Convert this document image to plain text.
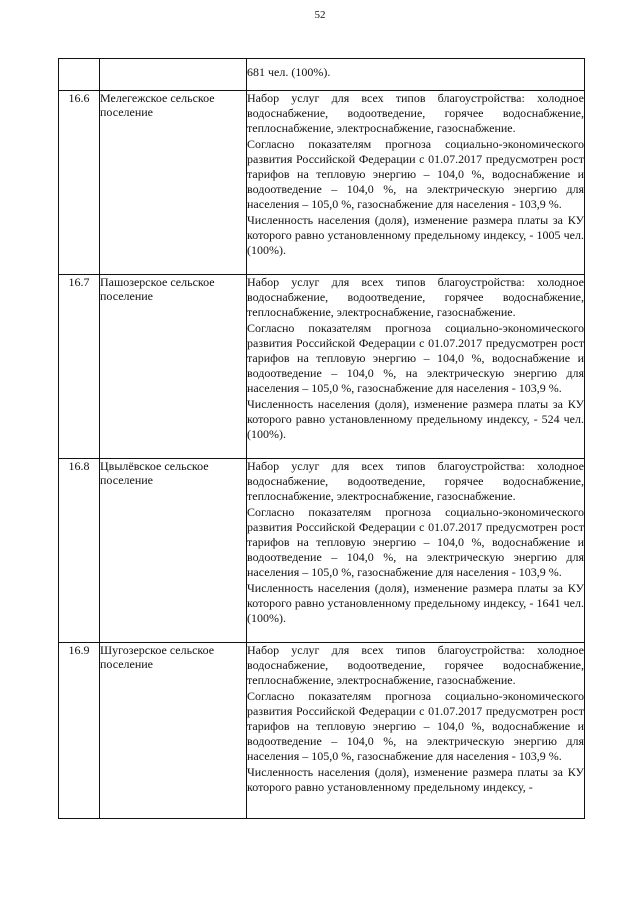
52

		681 чел. (100%).

16.6	Мелегежское сельское поселение	Набор услуг для всех типов благоустройства: холодное водоснабжение, водоотведение, горячее водоснабжение, теплоснабжение, электроснабжение, газоснабжение.

Согласно показателям прогноза социально-экономического развития Российской Федерации с 01.07.2017 предусмотрен рост тарифов на тепловую энергию – 104,0 %, водоснабжение и водоотведение – 104,0 %, на электрическую энергию для населения – 105,0 %, газоснабжение для населения - 103,9 %.

Численность населения (доля), изменение размера платы за КУ которого равно установленному предельному индексу, - 1005 чел. (100%).

16.7	Пашозерское сельское поселение	Набор услуг для всех типов благоустройства: холодное водоснабжение, водоотведение, горячее водоснабжение, теплоснабжение, электроснабжение, газоснабжение.

Согласно показателям прогноза социально-экономического развития Российской Федерации с 01.07.2017 предусмотрен рост тарифов на тепловую энергию – 104,0 %, водоснабжение и водоотведение – 104,0 %, на электрическую энергию для населения – 105,0 %, газоснабжение для населения - 103,9 %.

Численность населения (доля), изменение размера платы за КУ которого равно установленному предельному индексу, - 524 чел. (100%).

16.8	Цвылёвское сельское поселение	Набор услуг для всех типов благоустройства: холодное водоснабжение, водоотведение, горячее водоснабжение, теплоснабжение, электроснабжение, газоснабжение.

Согласно показателям прогноза социально-экономического развития Российской Федерации с 01.07.2017 предусмотрен рост тарифов на тепловую энергию – 104,0 %, водоснабжение и водоотведение – 104,0 %, на электрическую энергию для населения – 105,0 %, газоснабжение для населения - 103,9 %.

Численность населения (доля), изменение размера платы за КУ которого равно установленному предельному индексу, - 1641 чел. (100%).

16.9	Шугозерское сельское поселение	Набор услуг для всех типов благоустройства: холодное водоснабжение, водоотведение, горячее водоснабжение, теплоснабжение, электроснабжение, газоснабжение.

Согласно показателям прогноза социально-экономического развития Российской Федерации с 01.07.2017 предусмотрен рост тарифов на тепловую энергию – 104,0 %, водоснабжение и водоотведение – 104,0 %, на электрическую энергию для населения – 105,0 %, газоснабжение для населения - 103,9 %.

Численность населения (доля), изменение размера платы за КУ которого равно установленному предельному индексу, -
